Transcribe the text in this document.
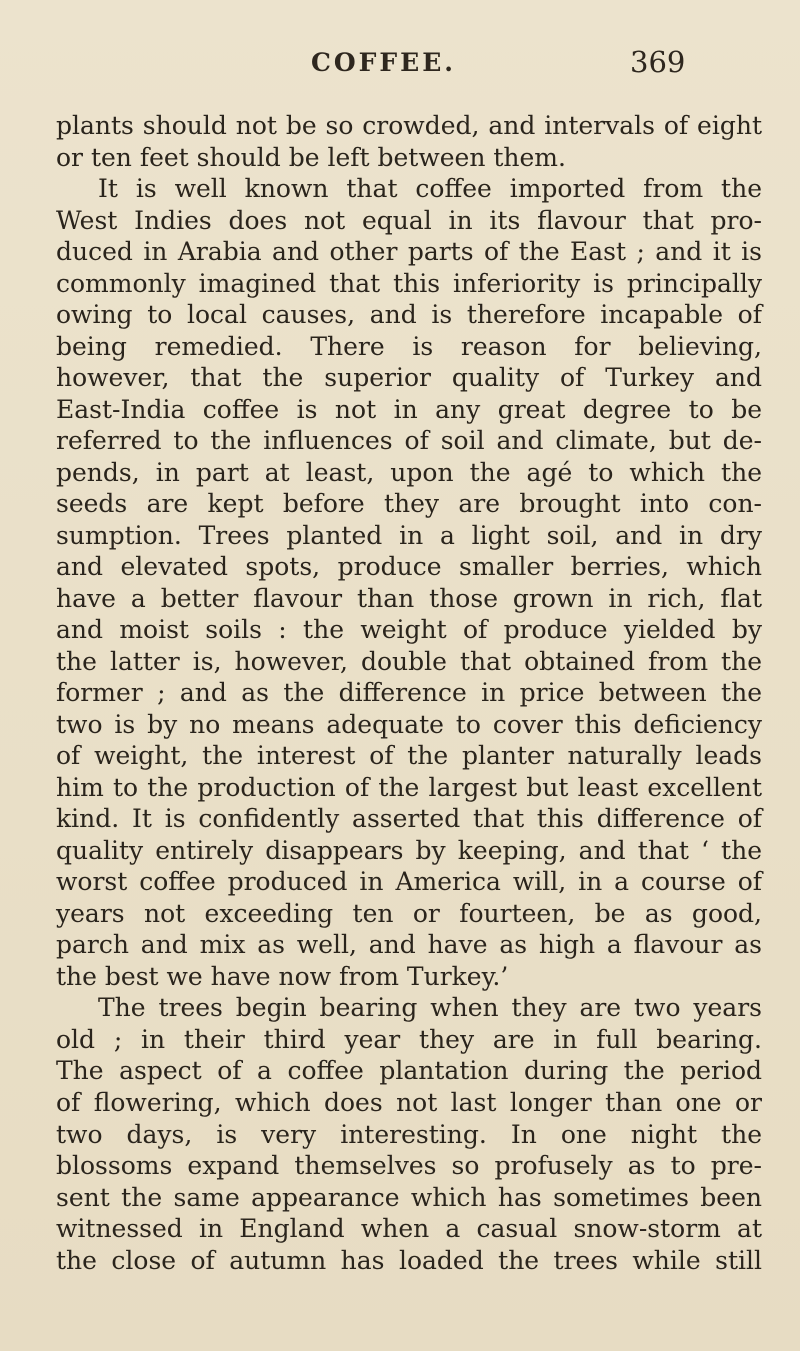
COFFEE.	369
plants should not be so crowded, and intervals of eight
or ten feet should be left between them.
It is well known that coffee imported from the
West Indies does not equal in its flavour that pro-
duced in Arabia and other parts of the East ; and it is
commonly imagined that this inferiority is principally
owing to local causes, and is therefore incapable of
being remedied. There is reason for believing,
however, that the superior quality of Turkey and
East-India coffee is not in any great degree to be
referred to the influences of soil and climate, but de-
pends, in part at least, upon the agé to which the
seeds are kept before they are brought into con-
sumption. Trees planted in a light soil, and in dry
and elevated spots, produce smaller berries, which
have a better flavour than those grown in rich, flat
and moist soils : the weight of produce yielded by
the latter is, however, double that obtained from the
former ; and as the difference in price between the
two is by no means adequate to cover this deficiency
of weight, the interest of the planter naturally leads
him to the production of the largest but least excellent
kind. It is confidently asserted that this difference of
quality entirely disappears by keeping, and that ‘ the
worst coffee produced in America will, in a course of
years not exceeding ten or fourteen, be as good,
parch and mix as well, and have as high a flavour as
the best we have now from Turkey.’
The trees begin bearing when they are two years
old ; in their third year they are in full bearing.
The aspect of a coffee plantation during the period
of flowering, which does not last longer than one or
two days, is very interesting. In one night the
blossoms expand themselves so profusely as to pre-
sent the same appearance which has sometimes been
witnessed in England when a casual snow-storm at
the close of autumn has loaded the trees while still
